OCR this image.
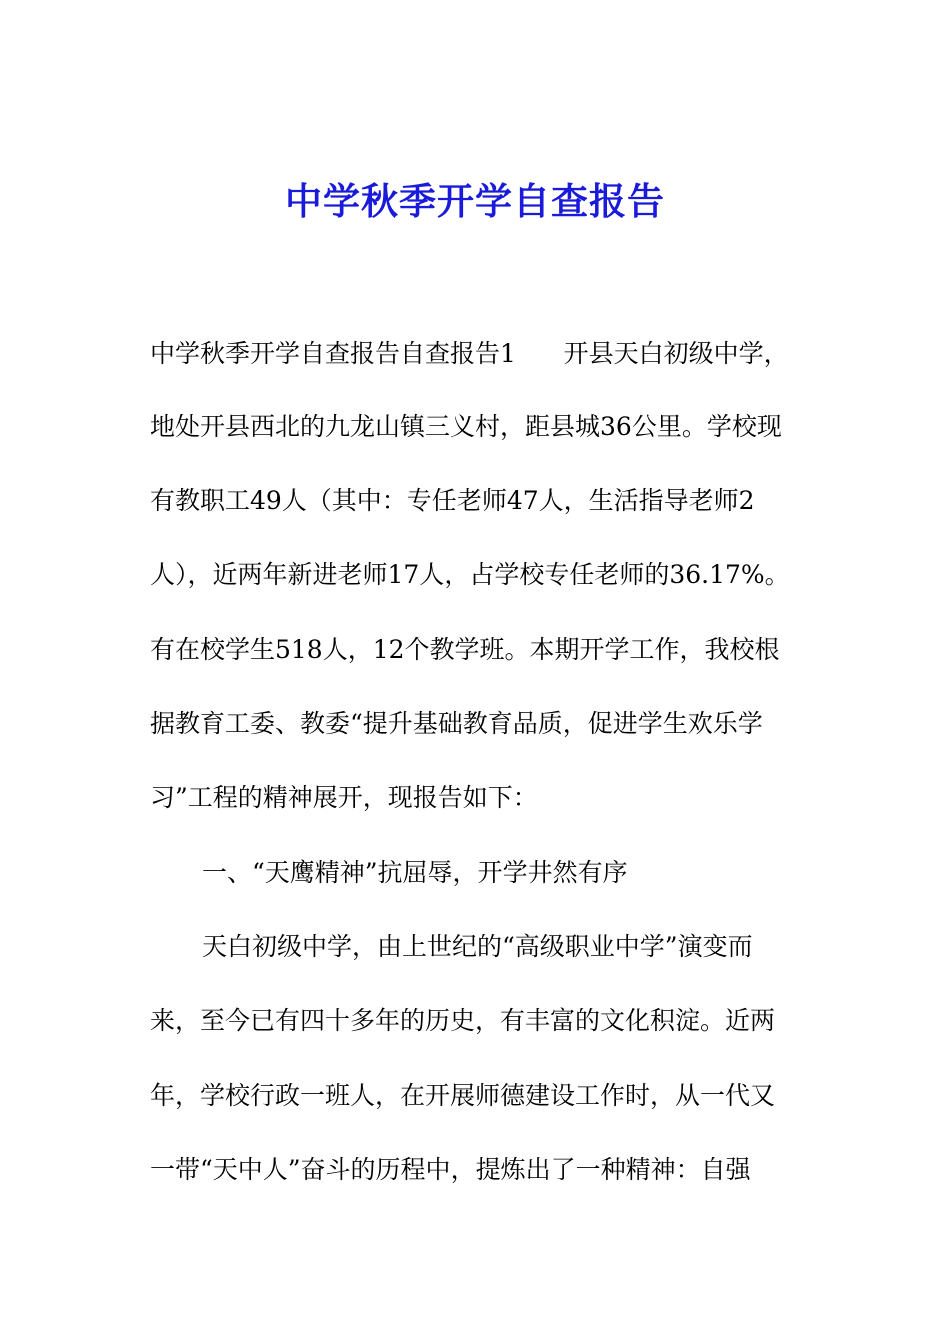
中学秋季开学自查报告

中学秋季开学自查报告自查报告1      开县天白初级中学，

地处开县西北的九龙山镇三义村，距县城36公里。学校现

有教职工49人（其中：专任老师47人，生活指导老师2

人），近两年新进老师17人，占学校专任老师的36.17%。

有在校学生518人，12个教学班。本期开学工作，我校根

据教育工委、教委“提升基础教育品质，促进学生欢乐学

习”工程的精神展开，现报告如下：

一、“天鹰精神”抗屈辱，开学井然有序

天白初级中学，由上世纪的“高级职业中学”演变而

来，至今已有四十多年的历史，有丰富的文化积淀。近两

年，学校行政一班人，在开展师德建设工作时，从一代又

一带“天中人”奋斗的历程中，提炼出了一种精神：自强
